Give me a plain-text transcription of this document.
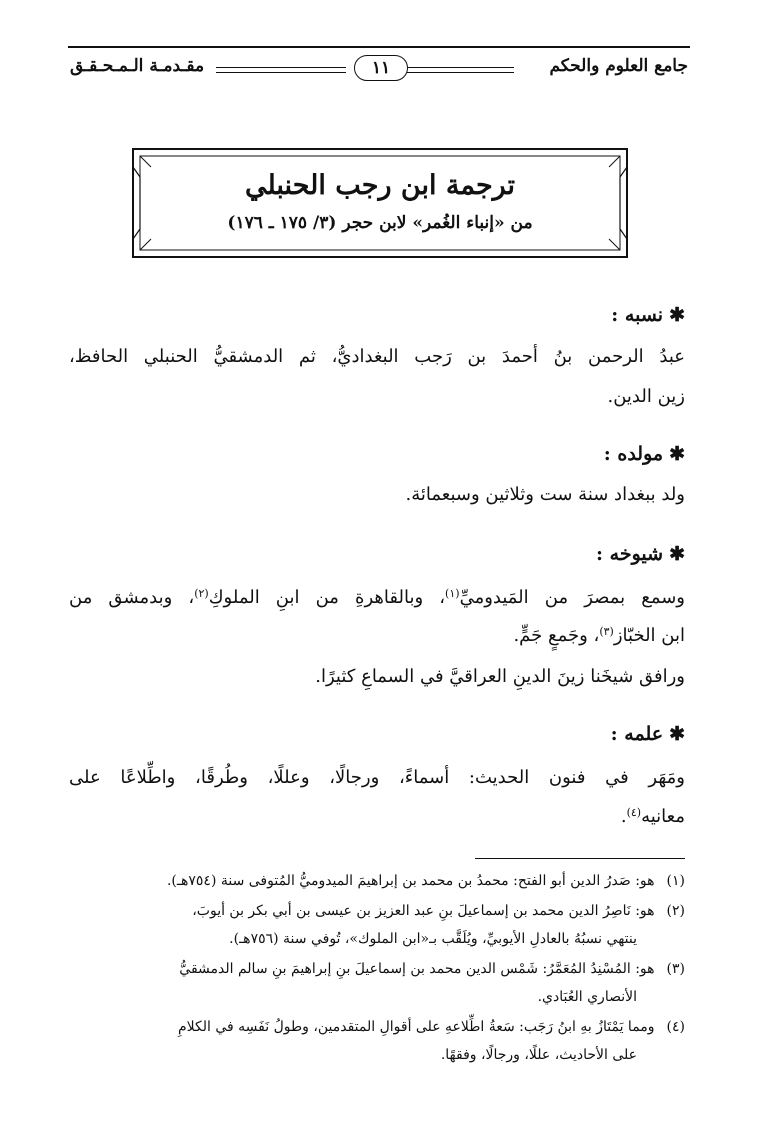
جامع العلوم والحكم
١١
مقـدمـة الـمـحـقـق
ترجمة ابن رجب الحنبلي
من «إنباء الغُمر» لابن حجر (٣/ ١٧٥ ـ ١٧٦)
✱نسبه :
عبدُ الرحمن بنُ أحمدَ بن رَجب البغداديُّ، ثم الدمشقيُّ الحنبلي الحافظ،
زين الدين.
✱مولده :
ولد ببغداد سنة ست وثلاثين وسبعمائة.
✱شيوخه :
وسمع بمصرَ من المَيدوميِّ$^{(١)}$، وبالقاهرةِ من ابنِ الملوكِ$^{(٢)}$، وبدمشق من
ابن الخبّاز$^{(٣)}$، وجَمعٍ جَمٍّ.
ورافق شيخَنا زينَ الدينِ العراقيَّ في السماعِ كثيرًا.
✱علمه :
ومَهَر في فنون الحديث: أسماءً، ورجالًا، وعللًا، وطُرقًا، واطِّلاعًا على
معانيه$^{(٤)}$.
(١) هو: صَدرُ الدين أبو الفتح: محمدُ بن محمد بن إبراهيمَ الميدوميُّ المُتوفى سنة (٧٥٤هـ).
(٢) هو: نَاصِرُ الدين محمد بن إسماعيلَ بنِ عبد العزيز بن عيسى بن أبي بكر بن أيوبَ،
ينتهي نسبُهُ بالعادلِ الأيوبيِّ، ويُلَقَّب بـ«ابن الملوك»، تُوفي سنة (٧٥٦هـ).
(٣) هو: المُسْنِدُ المُعَمَّرُ: شَمْس الدين محمد بن إسماعيلَ بنِ إبراهيمَ بنِ سالم الدمشقيُّ
الأنصاري العُبَادي.
(٤) ومما يَمْتَازُ بهِ ابنُ رَجَب: سَعةُ اطِّلاعهِ على أقوالِ المتقدمين، وطولُ نَفَسِه في الكلامِ
على الأحاديث، عللًا، ورجالًا، وفقهًا.
